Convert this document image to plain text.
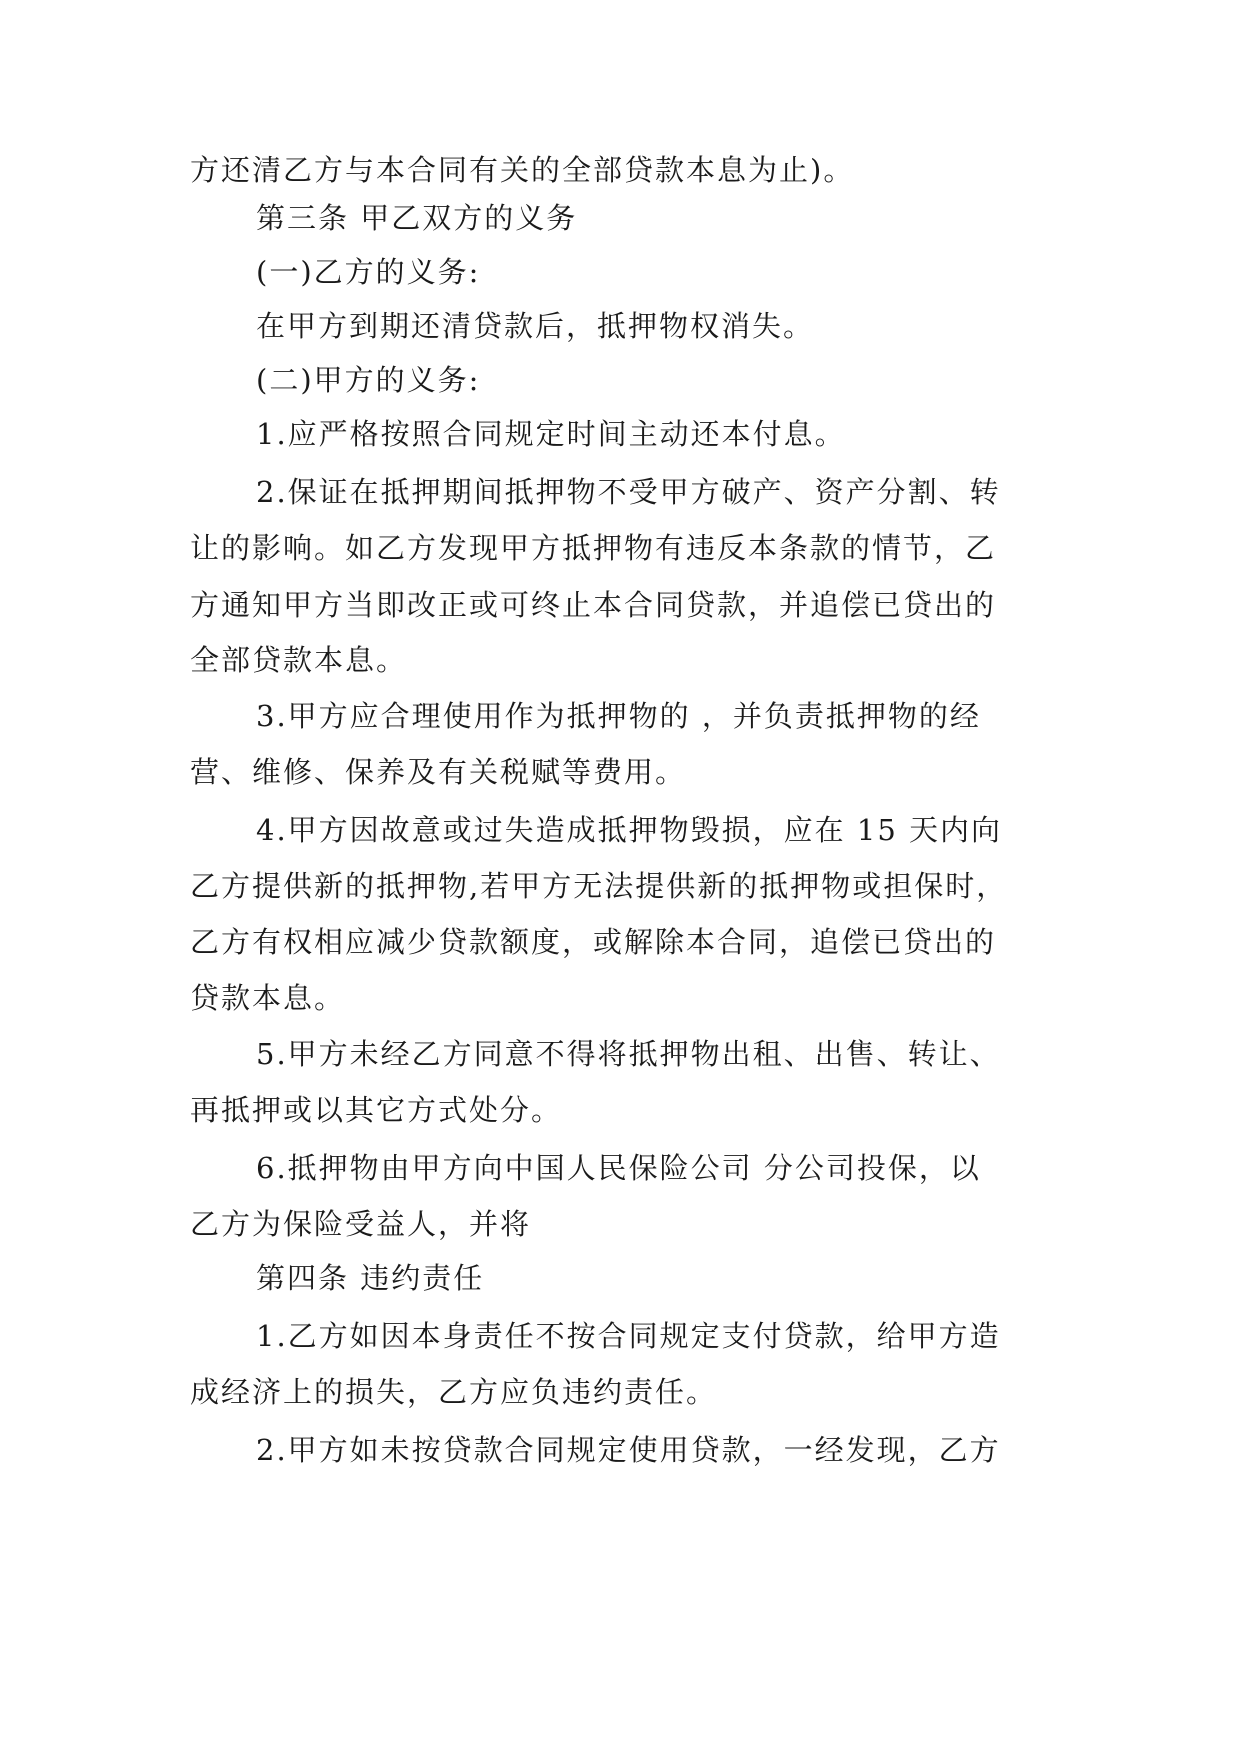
方还清乙方与本合同有关的全部贷款本息为止)。
第三条 甲乙双方的义务
(一)乙方的义务:
在甲方到期还清贷款后，抵押物权消失。
(二)甲方的义务:
1.应严格按照合同规定时间主动还本付息。
2.保证在抵押期间抵押物不受甲方破产、资产分割、转
让的影响。如乙方发现甲方抵押物有违反本条款的情节，乙
方通知甲方当即改正或可终止本合同贷款，并追偿已贷出的
全部贷款本息。
3.甲方应合理使用作为抵押物的 ，并负责抵押物的经
营、维修、保养及有关税赋等费用。
4.甲方因故意或过失造成抵押物毁损，应在 15 天内向
乙方提供新的抵押物,若甲方无法提供新的抵押物或担保时，
乙方有权相应减少贷款额度，或解除本合同，追偿已贷出的
贷款本息。
5.甲方未经乙方同意不得将抵押物出租、出售、转让、
再抵押或以其它方式处分。
6.抵押物由甲方向中国人民保险公司 分公司投保，以
乙方为保险受益人，并将
第四条 违约责任
1.乙方如因本身责任不按合同规定支付贷款，给甲方造
成经济上的损失，乙方应负违约责任。
2.甲方如未按贷款合同规定使用贷款，一经发现，乙方
